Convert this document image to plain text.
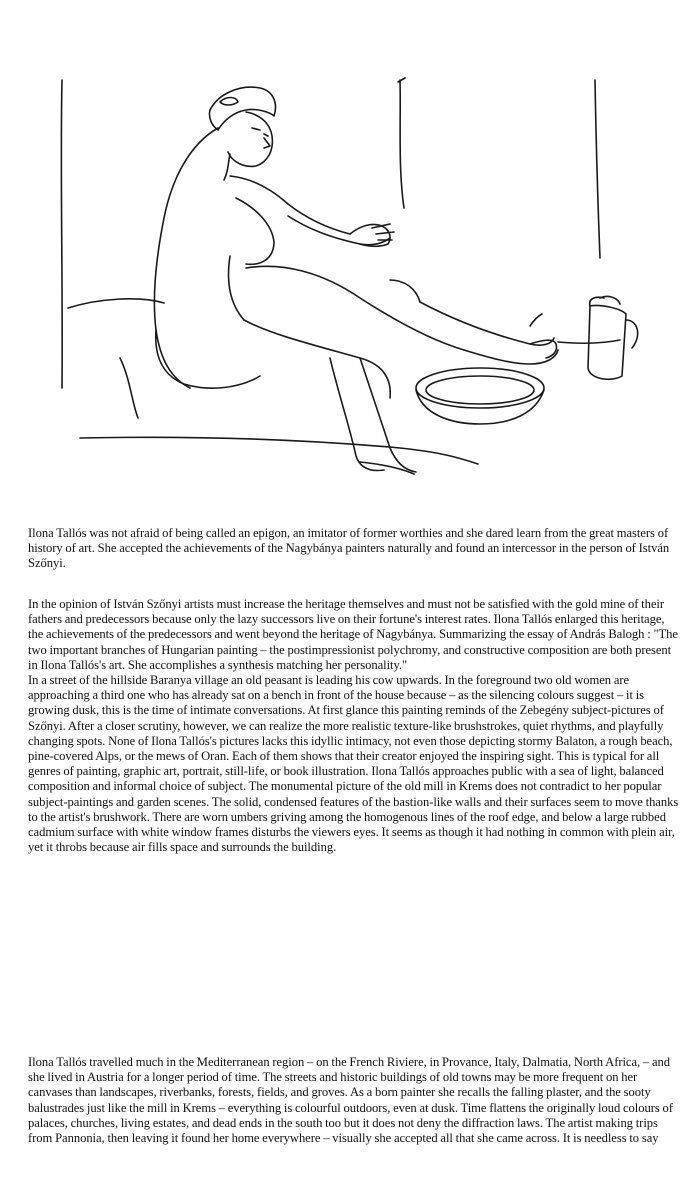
Ilona Tallós was not afraid of being called an epigon, an imitator of former worthies and she dared learn from the great masters of history of art. She accepted the achievements of the Nagybánya painters naturally and found an intercessor in the person of István Szőnyi.

In the opinion of István Szőnyi artists must increase the heritage themselves and must not be satisfied with the gold mine of their fathers and predecessors because only the lazy successors live on their fortune's interest rates. Ilona Tallós enlarged this heritage, the achievements of the predecessors and went beyond the heritage of Nagybánya. Summarizing the essay of András Balogh : "The two important branches of Hungarian painting – the postimpressionist polychromy, and constructive composition are both present in Ilona Tallós's art. She accomplishes a synthesis matching her personality."

In a street of the hillside Baranya village an old peasant is leading his cow upwards. In the foreground two old women are approaching a third one who has already sat on a bench in front of the house because – as the silencing colours suggest – it is growing dusk, this is the time of intimate conversations. At first glance this painting reminds of the Zebegény subject-pictures of Szőnyi. After a closer scrutiny, however, we can realize the more realistic texture-like brushstrokes, quiet rhythms, and playfully changing spots. None of Ilona Tallós's pictures lacks this idyllic intimacy, not even those depicting stormy Balaton, a rough beach, pine-covered Alps, or the mews of Oran. Each of them shows that their creator enjoyed the inspiring sight. This is typical for all genres of painting, graphic art, portrait, still-life, or book illustration. Ilona Tallós approaches public with a sea of light, balanced composition and informal choice of subject. The monumental picture of the old mill in Krems does not contradict to her popular subject-paintings and garden scenes. The solid, condensed features of the bastion-like walls and their surfaces seem to move thanks to the artist's brushwork. There are worn umbers griving among the homogenous lines of the roof edge, and below a large rubbed cadmium surface with white window frames disturbs the viewers eyes. It seems as though it had nothing in common with plein air, yet it throbs because air fills space and surrounds the building.

Ilona Tallós travelled much in the Mediterranean region – on the French Riviere, in Provance, Italy, Dalmatia, North Africa, – and she lived in Austria for a longer period of time. The streets and historic buildings of old towns may be more frequent on her canvases than landscapes, riverbanks, forests, fields, and groves. As a born painter she recalls the falling plaster, and the sooty balustrades just like the mill in Krems – everything is colourful outdoors, even at dusk. Time flattens the originally loud colours of palaces, churches, living estates, and dead ends in the south too but it does not deny the diffraction laws. The artist making trips from Pannonia, then leaving it found her home everywhere – visually she accepted all that she came across. It is needless to say
